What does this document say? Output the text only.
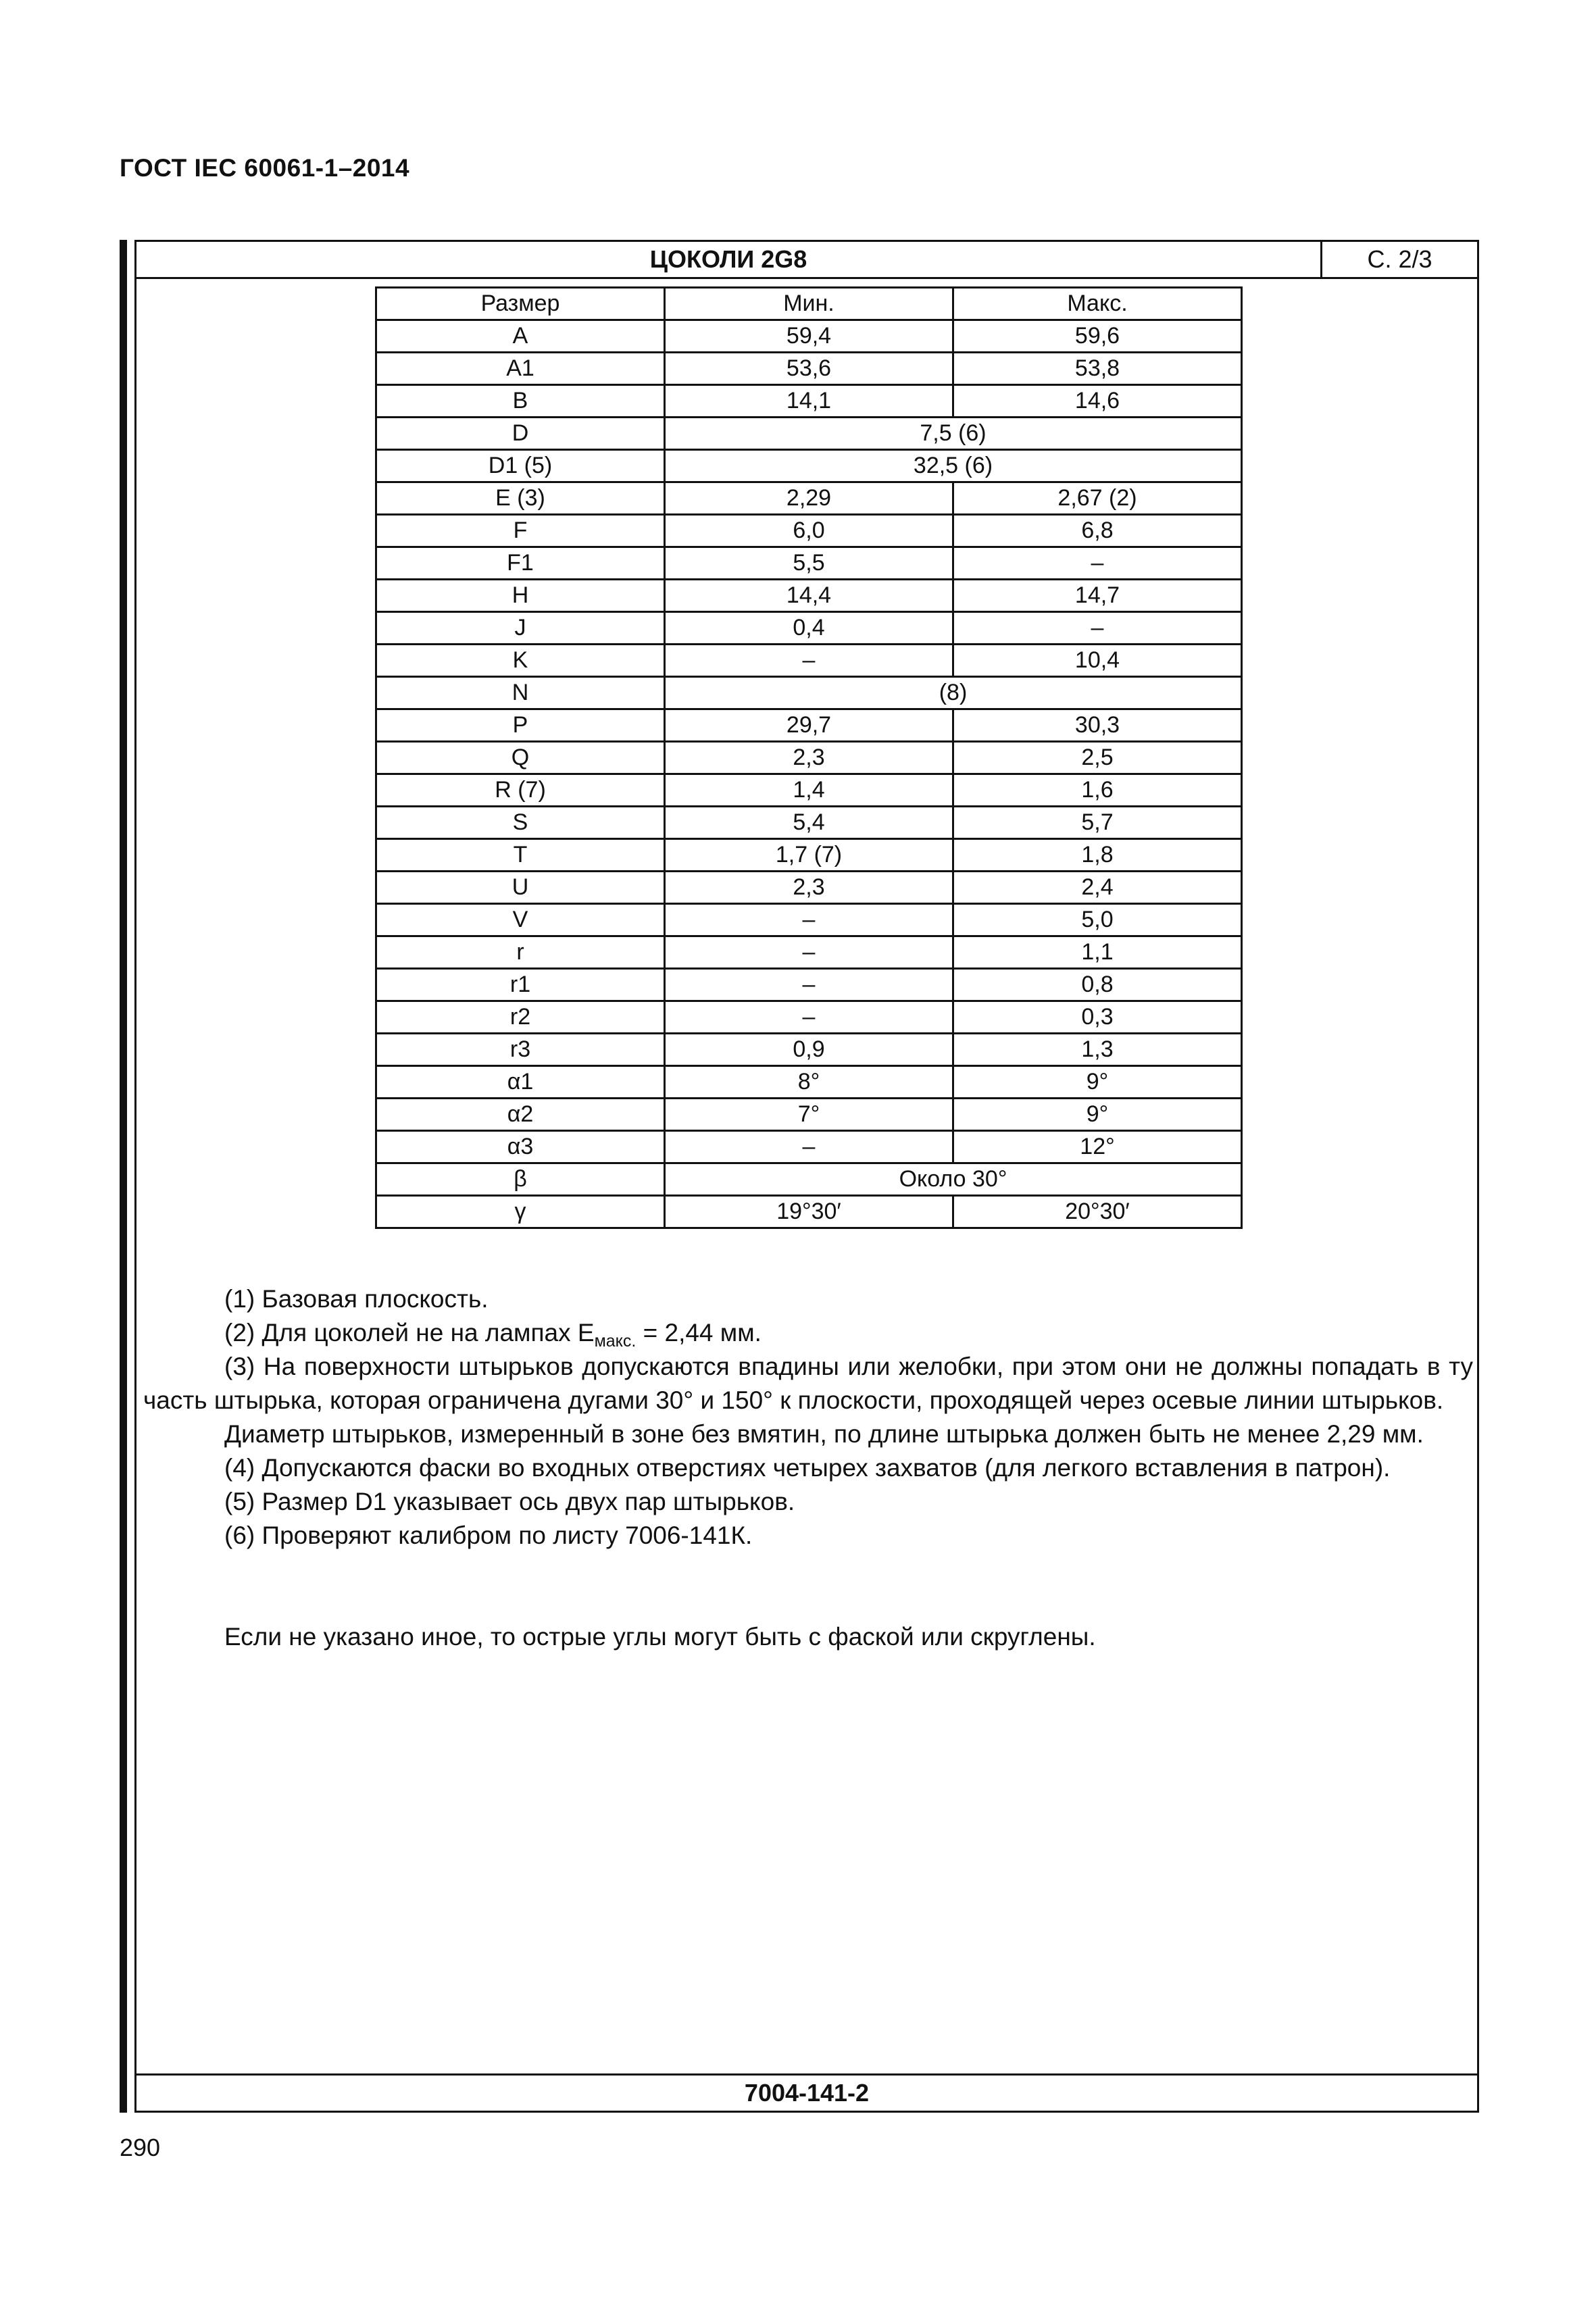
ГОСТ IEC 60061-1–2014
ЦОКОЛИ 2G8	С. 2/3
Размер	Мин.	Макс.
A	59,4	59,6
A1	53,6	53,8
B	14,1	14,6
D	7,5 (6)	
D1 (5)	32,5 (6)	
E (3)	2,29	2,67 (2)
F	6,0	6,8
F1	5,5	–
H	14,4	14,7
J	0,4	–
K	–	10,4
N	(8)	
P	29,7	30,3
Q	2,3	2,5
R (7)	1,4	1,6
S	5,4	5,7
T	1,7 (7)	1,8
U	2,3	2,4
V	–	5,0
r	–	1,1
r1	–	0,8
r2	–	0,3
r3	0,9	1,3
α1	8°	9°
α2	7°	9°
α3	–	12°
β	Около 30°	
γ	19°30′	20°30′

(1) Базовая плоскость.

(2) Для цоколей не на лампах $E_{макс.} = 2,44$ мм.

(3) На поверхности штырьков допускаются впадины или желобки, при этом они не должны попадать в ту часть штырька, которая ограничена дугами 30° и 150° к плоскости, проходящей через осевые линии штырьков.

Диаметр штырьков, измеренный в зоне без вмятин, по длине штырька должен быть не менее 2,29 мм.

(4) Допускаются фаски во входных отверстиях четырех захватов (для легкого вставления в патрон).

(5) Размер D1 указывает ось двух пар штырьков.

(6) Проверяют калибром по листу 7006-141К.

Если не указано иное, то острые углы могут быть с фаской или скруглены.

7004-141-2
290
